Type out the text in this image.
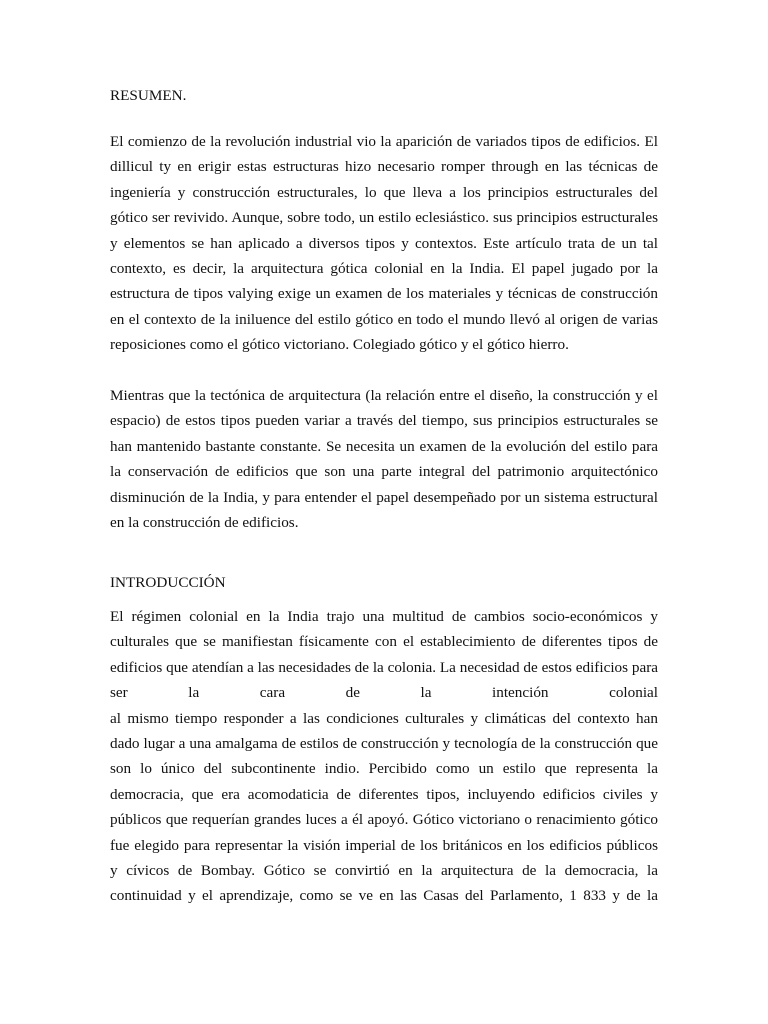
RESUMEN.
El comienzo de la revolución industrial vio la aparición de variados tipos de edificios. El
dillicul ty en erigir estas estructuras hizo necesario romper through en las técnicas de
ingeniería y construcción estructurales, lo que lleva a los principios estructurales del
gótico ser revivido. Aunque, sobre todo, un estilo eclesiástico. sus principios estructurales
y elementos se han aplicado a diversos tipos y contextos. Este artículo trata de un tal
contexto, es decir, la arquitectura gótica colonial en la India. El papel jugado por la
estructura de tipos valying exige un examen de los materiales y técnicas de construcción
en el contexto de la iniluence del estilo gótico en todo el mundo llevó al origen de varias
reposiciones como el gótico victoriano. Colegiado gótico y el gótico hierro.
Mientras que la tectónica de arquitectura (la relación entre el diseño, la construcción y el
espacio) de estos tipos pueden variar a través del tiempo, sus principios estructurales se
han mantenido bastante constante. Se necesita un examen de la evolución del estilo para
la conservación de edificios que son una parte integral del patrimonio arquitectónico
disminución de la India, y para entender el papel desempeñado por un sistema estructural
en la construcción de edificios.
INTRODUCCIÓN
El régimen colonial en la India trajo una multitud de cambios socio-económicos y
culturales que se manifiestan físicamente con el establecimiento de diferentes tipos de
edificios que atendían a las necesidades de la colonia. La necesidad de estos edificios para
ser	la	cara	de	la	intención	colonial
al mismo tiempo responder a las condiciones culturales y climáticas del contexto han
dado lugar a una amalgama de estilos de construcción y tecnología de la construcción que
son lo único del subcontinente indio. Percibido como un estilo que representa la
democracia, que era acomodaticia de diferentes tipos, incluyendo edificios civiles y
públicos que requerían grandes luces a él apoyó. Gótico victoriano o renacimiento gótico
fue elegido para representar la visión imperial de los británicos en los edificios públicos
y cívicos de Bombay. Gótico se convirtió en la arquitectura de la democracia, la
continuidad y el aprendizaje, como se ve en las Casas del Parlamento, 1 833 y de la
